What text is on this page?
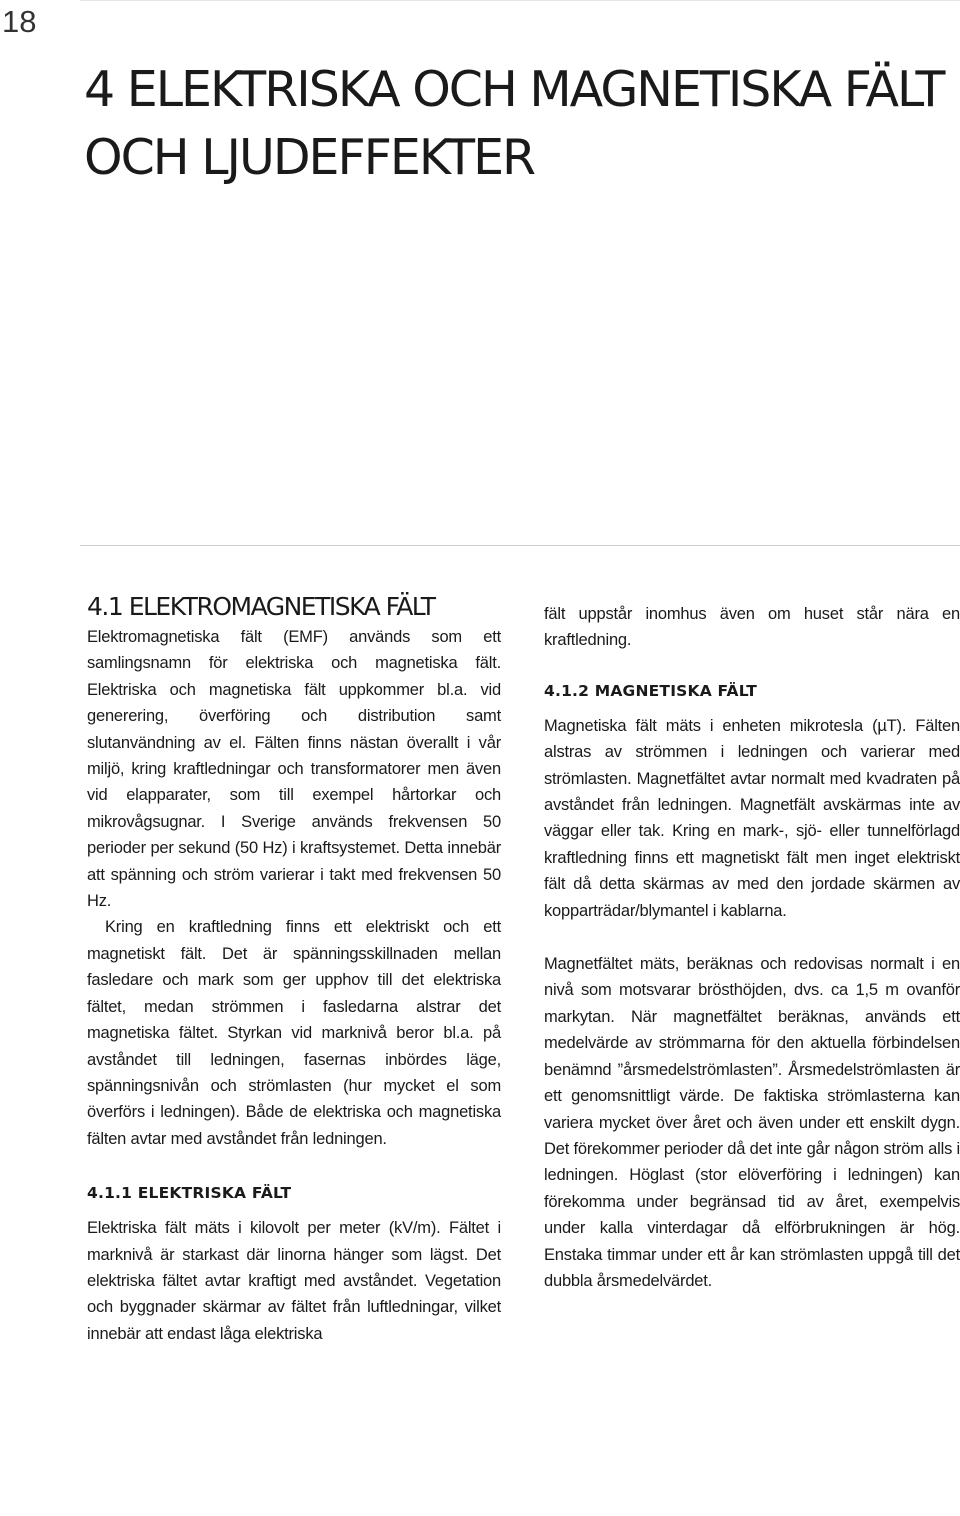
18
4 ELEKTRISKA OCH MAGNETISKA FÄLT
OCH LJUDEFFEKTER
4.1 ELEKTROMAGNETISKA FÄLT

Elektromagnetiska fält (EMF) används som ett samlingsnamn för elektriska och magnetiska fält. Elektriska och magnetiska fält uppkommer bl.a. vid generering, överföring och distribution samt slutanvändning av el. Fälten finns nästan överallt i vår miljö, kring kraftledningar och transformatorer men även vid elapparater, som till exempel hårtorkar och mikrovågsugnar. I Sverige används frekvensen 50 perioder per sekund (50 Hz) i kraftsystemet. Detta innebär att spänning och ström varierar i takt med frekvensen 50 Hz.

Kring en kraftledning finns ett elektriskt och ett magnetiskt fält. Det är spänningsskillnaden mellan fasledare och mark som ger upphov till det elektriska fältet, medan strömmen i fasledarna alstrar det magnetiska fältet. Styrkan vid marknivå beror bl.a. på avståndet till ledningen, fasernas inbördes läge, spänningsnivån och strömlasten (hur mycket el som överförs i ledningen). Både de elektriska och magnetiska fälten avtar med avståndet från ledningen.

4.1.1 ELEKTRISKA FÄLT

Elektriska fält mäts i kilovolt per meter (kV/m). Fältet i marknivå är starkast där linorna hänger som lägst. Det elektriska fältet avtar kraftigt med avståndet. Vegetation och byggnader skärmar av fältet från luftledningar, vilket innebär att endast låga elektriska

fält uppstår inomhus även om huset står nära en kraftledning.

4.1.2 MAGNETISKA FÄLT

Magnetiska fält mäts i enheten mikrotesla (µT). Fälten alstras av strömmen i ledningen och varierar med strömlasten. Magnetfältet avtar normalt med kvadraten på avståndet från ledningen. Magnetfält avskärmas inte av väggar eller tak. Kring en mark-, sjö- eller tunnelförlagd kraftledning finns ett magnetiskt fält men inget elektriskt fält då detta skärmas av med den jordade skärmen av kopparträdar/blymantel i kablarna.

Magnetfältet mäts, beräknas och redovisas normalt i en nivå som motsvarar brösthöjden, dvs. ca 1,5 m ovanför markytan. När magnetfältet beräknas, används ett medelvärde av strömmarna för den aktuella förbindelsen benämnd ”årsmedelströmlasten”. Årsmedelströmlasten är ett genomsnittligt värde. De faktiska strömlasterna kan variera mycket över året och även under ett enskilt dygn. Det förekommer perioder då det inte går någon ström alls i ledningen. Höglast (stor elöverföring i ledningen) kan förekomma under begränsad tid av året, exempelvis under kalla vinterdagar då elförbrukningen är hög. Enstaka timmar under ett år kan strömlasten uppgå till det dubbla årsmedelvärdet.
